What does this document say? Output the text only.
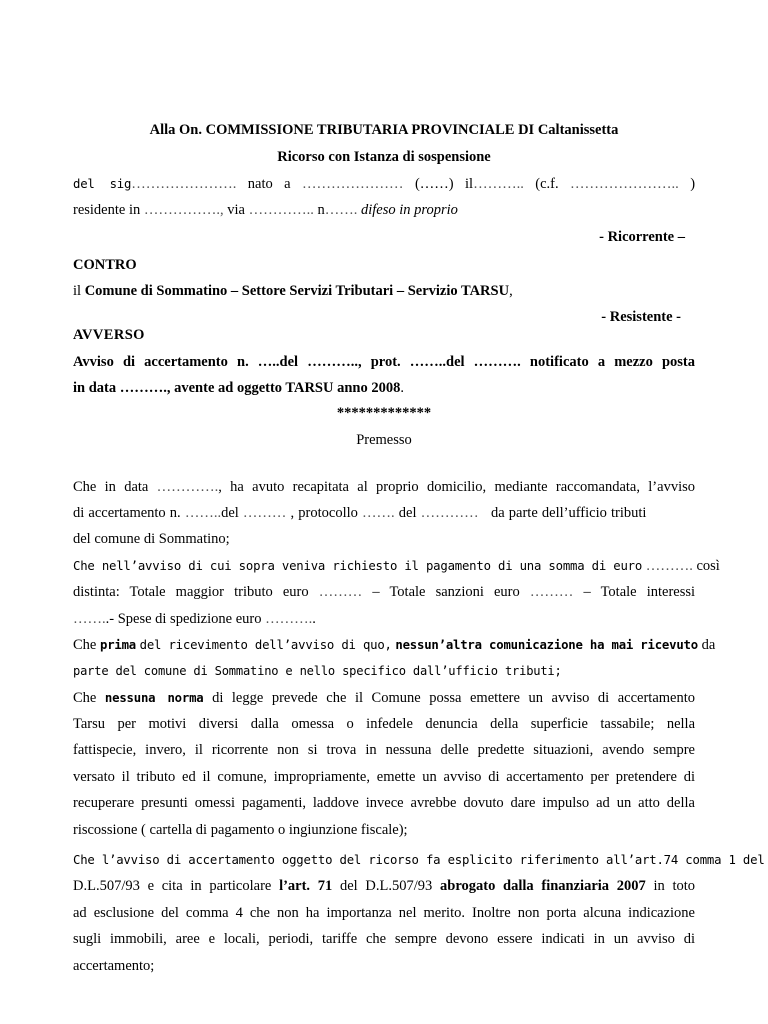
Alla On. COMMISSIONE TRIBUTARIA PROVINCIALE DI Caltanissetta
Ricorso con Istanza di sospensione
del sig…………………. nato a ………………… (……) il……….. (c.f. ………………….. )
residente in ……………., via ………….. n……. difeso in proprio
- Ricorrente –
CONTRO
il Comune di Sommatino – Settore Servizi Tributari – Servizio TARSU,
- Resistente -
AVVERSO
Avviso di accertamento n. …..del ……….., prot. ……..del ………. notificato a mezzo posta
in data ………., avente ad oggetto TARSU anno 2008.
*************
Premesso
Che in data …………., ha avuto recapitata al proprio domicilio, mediante raccomandata, l’avviso
di accertamento n. ……..del ……… , protocollo ……. del ………… da parte dell’ufficio tributi
del comune di Sommatino;
Che nell’avviso di cui sopra veniva richiesto il pagamento di una somma di euro ………. così
distinta: Totale maggior tributo euro ……… – Totale sanzioni euro ……… – Totale interessi
……..- Spese di spedizione euro ………..
Che prima del ricevimento dell’avviso di quo, nessun’altra comunicazione ha mai ricevuto da
parte del comune di Sommatino e nello specifico dall’ufficio tributi;
Che nessuna norma di legge prevede che il Comune possa emettere un avviso di accertamento
Tarsu per motivi diversi dalla omessa o infedele denuncia della superficie tassabile; nella
fattispecie, invero, il ricorrente non si trova in nessuna delle predette situazioni, avendo sempre
versato il tributo ed il comune, impropriamente, emette un avviso di accertamento per pretendere di
recuperare presunti omessi pagamenti, laddove invece avrebbe dovuto dare impulso ad un atto della
riscossione ( cartella di pagamento o ingiunzione fiscale);
Che l’avviso di accertamento oggetto del ricorso fa esplicito riferimento all’art.74 comma 1 del
D.L.507/93 e cita in particolare l’art. 71 del D.L.507/93 abrogato dalla finanziaria 2007 in toto
ad esclusione del comma 4 che non ha importanza nel merito. Inoltre non porta alcuna indicazione
sugli immobili, aree e locali, periodi, tariffe che sempre devono essere indicati in un avviso di
accertamento;
